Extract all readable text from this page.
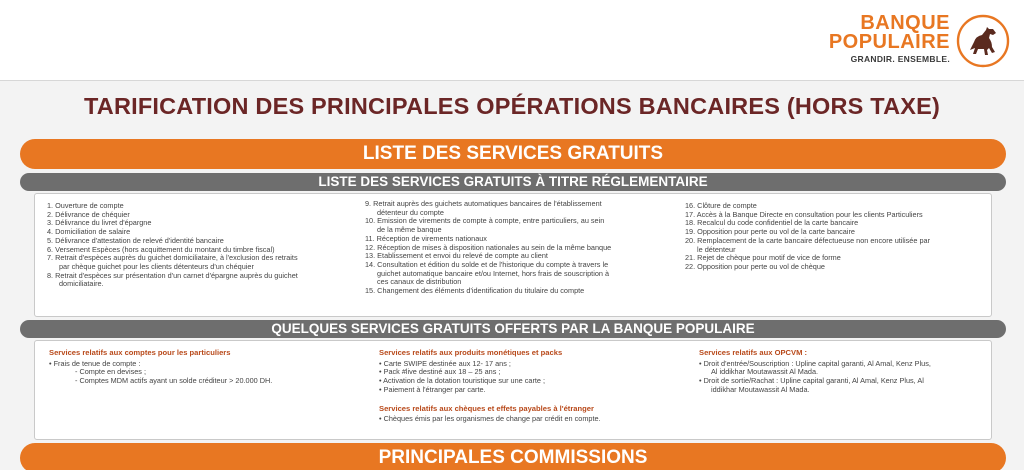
BANQUE
POPULAIRE
GRANDIR. ENSEMBLE.
TARIFICATION DES PRINCIPALES OPÉRATIONS BANCAIRES (HORS TAXE)
LISTE DES SERVICES GRATUITS
LISTE DES SERVICES GRATUITS À TITRE RÉGLEMENTAIRE
1. Ouverture de compte
2. Délivrance de chéquier
3. Délivrance du livret d'épargne
4. Domiciliation de salaire
5. Délivrance d'attestation de relevé d'identité bancaire
6. Versement Espèces (hors acquittement du montant du timbre fiscal)
7. Retrait d'espèces auprès du guichet domiciliataire, à l'exclusion des retraits
par chèque guichet pour les clients détenteurs d'un chéquier
8. Retrait d'espèces sur présentation d'un carnet d'épargne auprès du guichet
domiciliataire.
9. Retrait auprès des guichets automatiques bancaires de l'établissement
détenteur du compte
10. Emission de virements de compte à compte, entre particuliers, au sein
de la même banque
11. Réception de virements nationaux
12. Réception de mises à disposition nationales au sein de la même banque
13. Etablissement et envoi du relevé de compte au client
14. Consultation et édition du solde et de l'historique du compte à travers le
guichet automatique bancaire et/ou Internet, hors frais de souscription à
ces canaux de distribution
15. Changement des éléments d'identification du titulaire du compte
16. Clôture de compte
17. Accès à la Banque Directe en consultation pour les clients Particuliers
18. Recalcul du code confidentiel de la carte bancaire
19. Opposition pour perte ou vol de la carte bancaire
20. Remplacement de la carte bancaire défectueuse non encore utilisée par
le détenteur
21. Rejet de chèque pour motif de vice de forme
22. Opposition pour perte ou vol de chèque
QUELQUES SERVICES GRATUITS OFFERTS PAR LA BANQUE POPULAIRE
Services relatifs aux comptes pour les particuliers
• Frais de tenue de compte :
- Compte en devises ;
- Comptes MDM actifs ayant un solde créditeur > 20.000 DH.
Services relatifs aux produits monétiques et packs
• Carte SWIPE destinée aux 12- 17 ans ;
• Pack #live destiné aux 18 – 25 ans ;
• Activation de la dotation touristique sur une carte ;
• Paiement à l'étranger par carte.
Services relatifs aux chèques et effets payables à l'étranger
• Chèques émis par les organismes de change par crédit en compte.
Services relatifs aux OPCVM :
• Droit d'entrée/Souscription : Upline capital garanti, Al Amal, Kenz Plus,
Al iddikhar Moutawassit Al Mada.
• Droit de sortie/Rachat : Upline capital garanti, Al Amal, Kenz Plus, Al
iddikhar Moutawassit Al Mada.
PRINCIPALES COMMISSIONS
